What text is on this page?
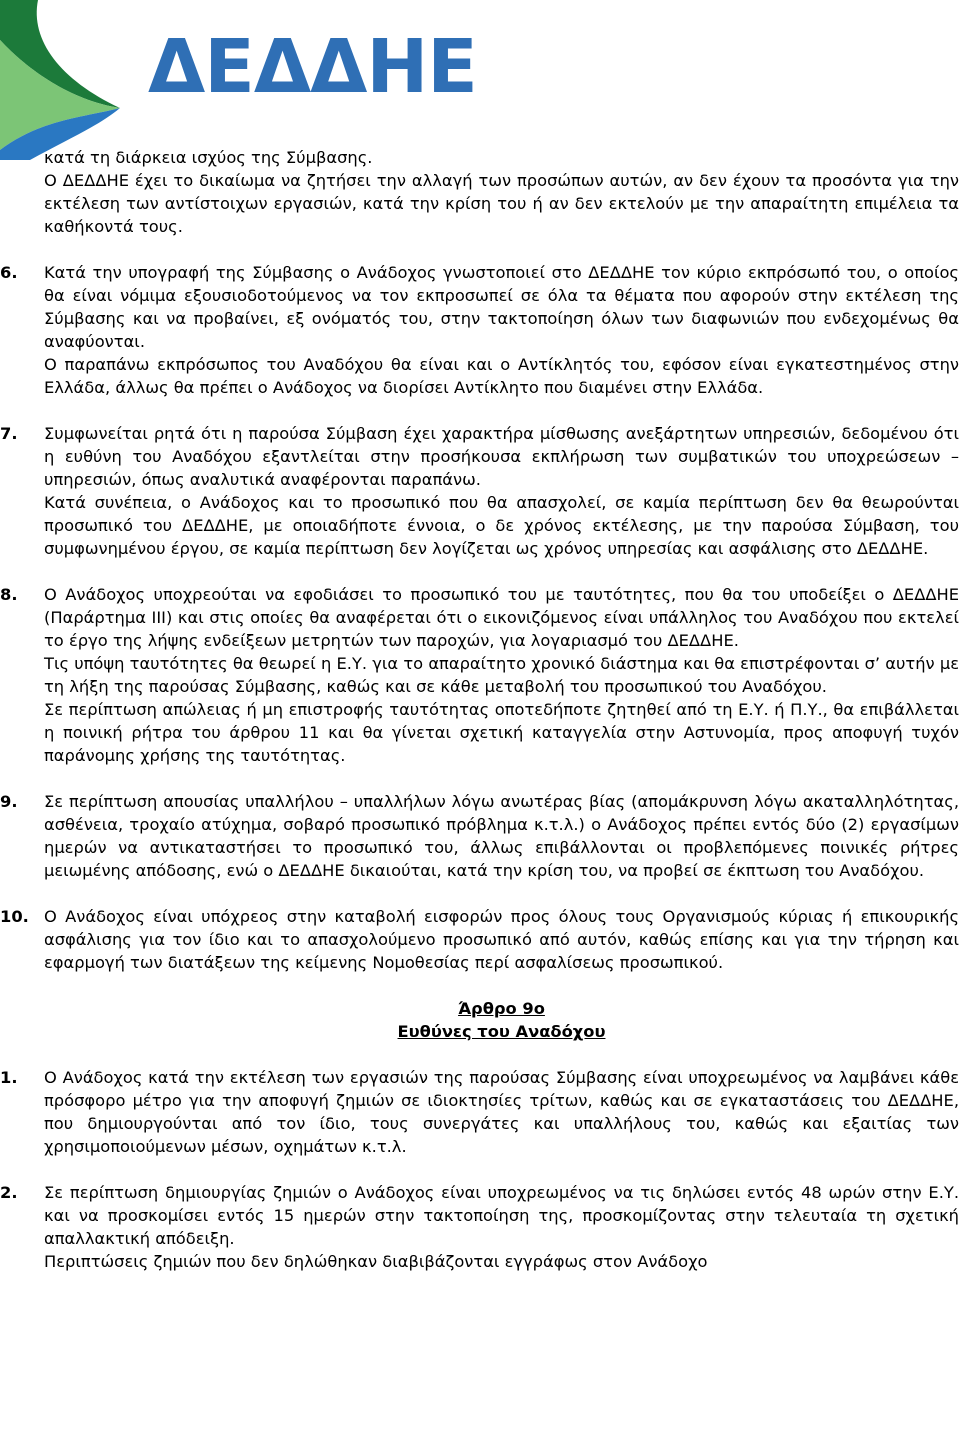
ΔΕΔΔΗΕ

κατά τη διάρκεια ισχύος της Σύμβασης.

Ο ΔΕΔΔΗΕ έχει το δικαίωμα να ζητήσει την αλλαγή των προσώπων αυτών, αν δεν έχουν τα προσόντα για την εκτέλεση των αντίστοιχων εργασιών, κατά την κρίση του ή αν δεν εκτελούν με την απαραίτητη επιμέλεια τα καθήκοντά τους.

6.	Κατά την υπογραφή της Σύμβασης ο Ανάδοχος γνωστοποιεί στο ΔΕΔΔΗΕ τον κύριο εκπρόσωπό του, ο οποίος θα είναι νόμιμα εξουσιοδοτούμενος να τον εκπροσωπεί σε όλα τα θέματα που αφορούν στην εκτέλεση της Σύμβασης και να προβαίνει, εξ ονόματός του, στην τακτοποίηση όλων των διαφωνιών που ενδεχομένως θα αναφύονται.

Ο παραπάνω εκπρόσωπος του Αναδόχου θα είναι και ο Αντίκλητός του, εφόσον είναι εγκατεστημένος στην Ελλάδα, άλλως θα πρέπει ο Ανάδοχος να διορίσει Αντίκλητο που διαμένει στην Ελλάδα.

7.	Συμφωνείται ρητά ότι η παρούσα Σύμβαση έχει χαρακτήρα μίσθωσης ανεξάρτητων υπηρεσιών, δεδομένου ότι η ευθύνη του Αναδόχου εξαντλείται στην προσήκουσα εκπλήρωση των συμβατικών του υποχρεώσεων – υπηρεσιών, όπως αναλυτικά αναφέρονται παραπάνω.

Κατά συνέπεια, ο Ανάδοχος και το προσωπικό που θα απασχολεί, σε καμία περίπτωση δεν θα θεωρούνται προσωπικό του ΔΕΔΔΗΕ, με οποιαδήποτε έννοια, ο δε χρόνος εκτέλεσης, με την παρούσα Σύμβαση, του συμφωνημένου έργου, σε καμία περίπτωση δεν λογίζεται ως χρόνος υπηρεσίας και ασφάλισης στο ΔΕΔΔΗΕ.

8.	Ο Ανάδοχος υποχρεούται να εφοδιάσει το προσωπικό του με ταυτότητες, που θα του υποδείξει ο ΔΕΔΔΗΕ (Παράρτημα ΙΙΙ) και στις οποίες θα αναφέρεται ότι ο εικονιζόμενος είναι υπάλληλος του Αναδόχου που εκτελεί το έργο της λήψης ενδείξεων μετρητών των παροχών, για λογαριασμό του ΔΕΔΔΗΕ.

Τις υπόψη ταυτότητες θα θεωρεί η Ε.Υ. για το απαραίτητο χρονικό διάστημα και θα επιστρέφονται σ’ αυτήν με τη λήξη της παρούσας Σύμβασης, καθώς και σε κάθε μεταβολή του προσωπικού του Αναδόχου.

Σε περίπτωση απώλειας ή μη επιστροφής ταυτότητας οποτεδήποτε ζητηθεί από τη Ε.Υ. ή Π.Υ., θα επιβάλλεται η ποινική ρήτρα του άρθρου 11 και θα γίνεται σχετική καταγγελία στην Αστυνομία, προς αποφυγή τυχόν παράνομης χρήσης της ταυτότητας.

9.	Σε περίπτωση απουσίας υπαλλήλου – υπαλλήλων λόγω ανωτέρας βίας (απομάκρυνση λόγω ακαταλληλότητας, ασθένεια, τροχαίο ατύχημα, σοβαρό προσωπικό πρόβλημα κ.τ.λ.) ο Ανάδοχος πρέπει εντός δύο (2) εργασίμων ημερών να αντικαταστήσει το προσωπικό του, άλλως επιβάλλονται οι προβλεπόμενες ποινικές ρήτρες μειωμένης απόδοσης, ενώ ο ΔΕΔΔΗΕ δικαιούται, κατά την κρίση του, να προβεί σε έκπτωση του Αναδόχου.

10. Ο Ανάδοχος είναι υπόχρεος στην καταβολή εισφορών προς όλους τους Οργανισμούς κύριας ή επικουρικής ασφάλισης για τον ίδιο και το απασχολούμενο προσωπικό από αυτόν, καθώς επίσης και για την τήρηση και εφαρμογή των διατάξεων της κείμενης Νομοθεσίας περί ασφαλίσεως προσωπικού.

Άρθρο 9ο
Ευθύνες του Αναδόχου
1.	Ο Ανάδοχος κατά την εκτέλεση των εργασιών της παρούσας Σύμβασης είναι υποχρεωμένος να λαμβάνει κάθε πρόσφορο μέτρο για την αποφυγή ζημιών σε ιδιοκτησίες τρίτων, καθώς και σε εγκαταστάσεις του ΔΕΔΔΗΕ, που δημιουργούνται από τον ίδιο, τους συνεργάτες και υπαλλήλους του, καθώς και εξαιτίας των χρησιμοποιούμενων μέσων, οχημάτων κ.τ.λ.

2.	Σε περίπτωση δημιουργίας ζημιών ο Ανάδοχος είναι υποχρεωμένος να τις δηλώσει εντός 48 ωρών στην Ε.Υ. και να προσκομίσει εντός 15 ημερών στην τακτοποίηση της, προσκομίζοντας στην τελευταία τη σχετική απαλλακτική απόδειξη.

Περιπτώσεις ζημιών που δεν δηλώθηκαν διαβιβάζονται εγγράφως στον Ανάδοχο
